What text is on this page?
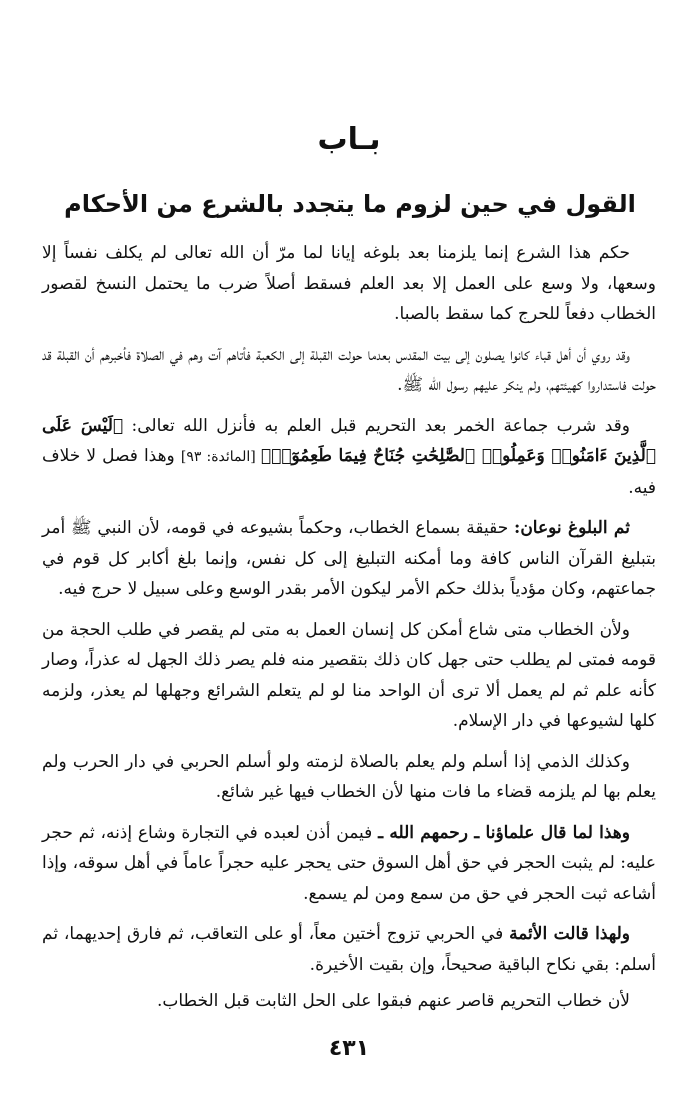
بـاب
القول في حين لزوم ما يتجدد بالشرع من الأحكام

حكم هذا الشرع إنما يلزمنا بعد بلوغه إيانا لما مرّ أن الله تعالى لم يكلف نفساً إلا وسعها، ولا وسع على العمل إلا بعد العلم فسقط أصلاً ضرب ما يحتمل النسخ لقصور الخطاب دفعاً للحرج كما سقط بالصبا.

وقد روي أن أهل قباء كانوا يصلون إلى بيت المقدس بعدما حولت القبلة إلى الكعبة فأتاهم آت وهم في الصلاة فأخبرهم أن القبلة قد حولت فاستداروا كهيئتهم، ولم ينكر عليهم رسول الله ﷺ.

وقد شرب جماعة الخمر بعد التحريم قبل العلم به فأنزل الله تعالى: ﴿لَيْسَ عَلَى ٱلَّذِينَ ءَامَنُوا۟ وَعَمِلُوا۟ ٱلصَّٰلِحَٰتِ جُنَاحٌ فِيمَا طَعِمُوٓا۟﴾ [المائدة: ٩٣] وهذا فصل لا خلاف فيه.

ثم البلوغ نوعان: حقيقة بسماع الخطاب، وحكماً بشيوعه في قومه، لأن النبي ﷺ أمر بتبليغ القرآن الناس كافة وما أمكنه التبليغ إلى كل نفس، وإنما بلغ أكابر كل قوم في جماعتهم، وكان مؤدياً بذلك حكم الأمر ليكون الأمر بقدر الوسع وعلى سبيل لا حرج فيه.

ولأن الخطاب متى شاع أمكن كل إنسان العمل به متى لم يقصر في طلب الحجة من قومه فمتى لم يطلب حتى جهل كان ذلك بتقصير منه فلم يصر ذلك الجهل له عذراً، وصار كأنه علم ثم لم يعمل ألا ترى أن الواحد منا لو لم يتعلم الشرائع وجهلها لم يعذر، ولزمه كلها لشيوعها في دار الإسلام.

وكذلك الذمي إذا أسلم ولم يعلم بالصلاة لزمته ولو أسلم الحربي في دار الحرب ولم يعلم بها لم يلزمه قضاء ما فات منها لأن الخطاب فيها غير شائع.

وهذا لما قال علماؤنا ـ رحمهم الله ـ فيمن أذن لعبده في التجارة وشاع إذنه، ثم حجر عليه: لم يثبت الحجر في حق أهل السوق حتى يحجر عليه حجراً عاماً في أهل سوقه، وإذا أشاعه ثبت الحجر في حق من سمع ومن لم يسمع.

ولهذا قالت الأئمة في الحربي تزوج أختين معاً، أو على التعاقب، ثم فارق إحديهما، ثم أسلم: بقي نكاح الباقية صحيحاً، وإن بقيت الأخيرة.

لأن خطاب التحريم قاصر عنهم فبقوا على الحل الثابت قبل الخطاب.

٤٣١
